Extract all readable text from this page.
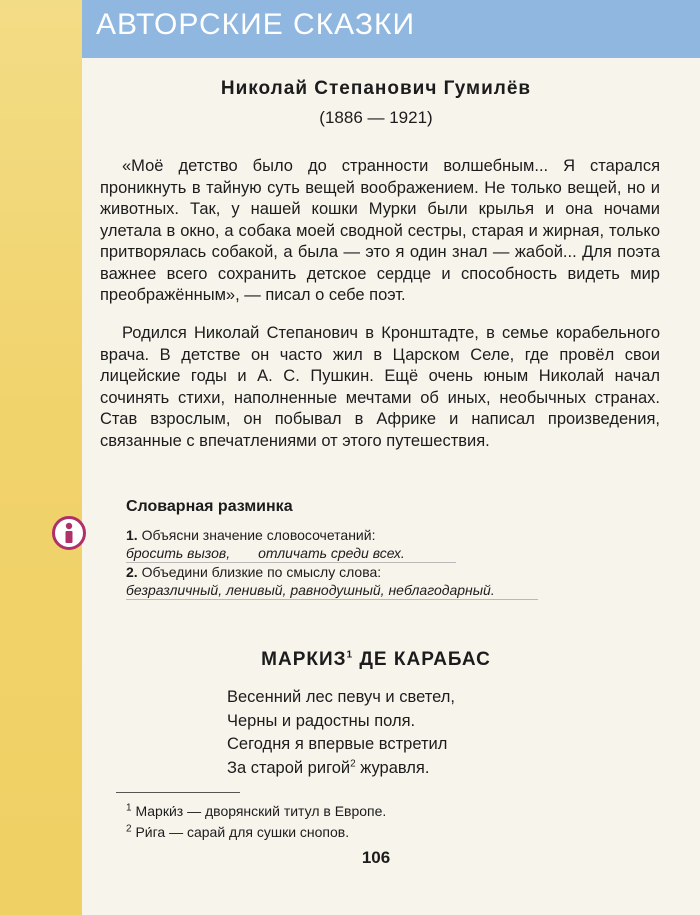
АВТОРСКИЕ СКАЗКИ
Николай Степанович Гумилёв
(1886 — 1921)

«Моё детство было до странности волшебным... Я старался проникнуть в тайную суть вещей воображением. Не только вещей, но и животных. Так, у нашей кошки Мурки были крылья и она ночами улетала в окно, а собака моей сводной сестры, старая и жирная, только притворялась собакой, а была — это я один знал — жабой... Для поэта важнее всего сохранить детское сердце и способность видеть мир преображённым», — писал о себе поэт.

Родился Николай Степанович в Кронштадте, в семье корабельного врача. В детстве он часто жил в Царском Селе, где провёл свои лицейские годы и А. С. Пушкин. Ещё очень юным Николай начал сочинять стихи, наполненные мечтами об иных, необычных странах. Став взрослым, он побывал в Африке и написал произведения, связанные с впечатлениями от этого путешествия.

Словарная разминка
1. Объясни значение словосочетаний:
бросить вызов, отличать среди всех.
2. Объедини близкие по смыслу слова:
безразличный, ленивый, равнодушный, неблагодарный.
МАРКИЗ$^1$ ДЕ КАРАБАС
Весенний лес певуч и светел,
Черны и радостны поля.
Сегодня я впервые встретил
За старой ригой$^2$ журавля.
$^1$ Марки́з — дворянский титул в Европе.
$^2$ Ри́га — сарай для сушки снопов.
106
